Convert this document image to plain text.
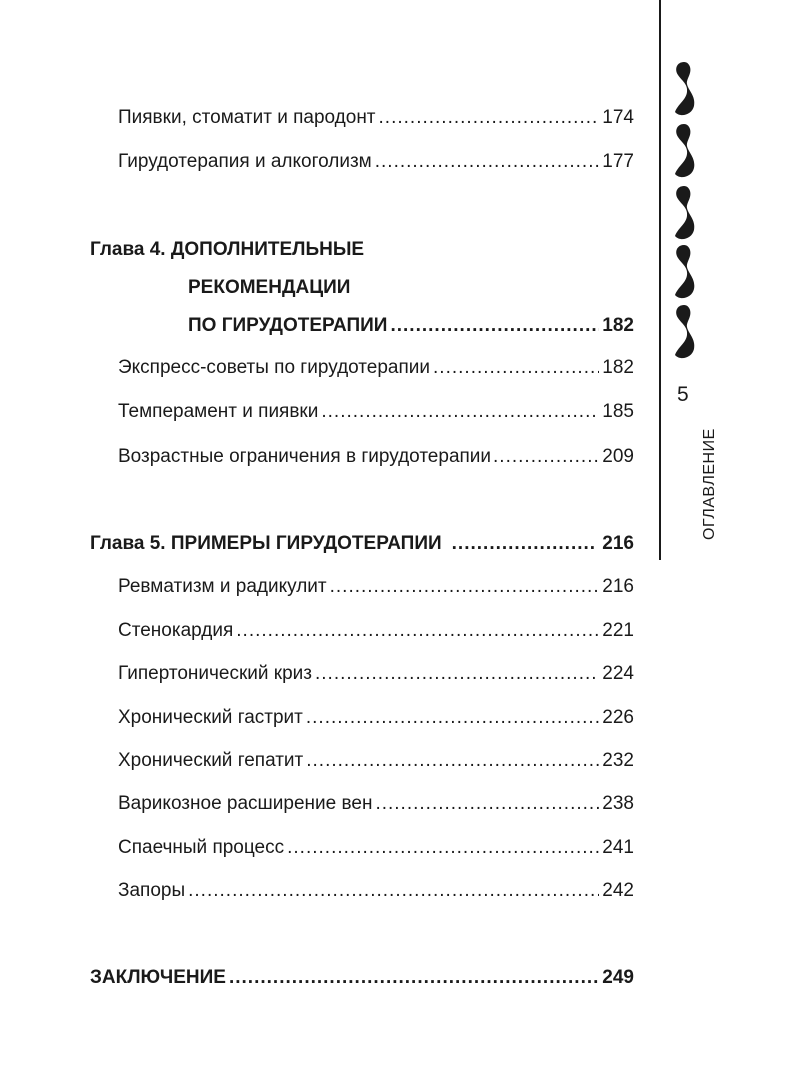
Пиявки, стоматит и пародонт .....	174
Гирудотерапия и алкоголизм .....	177
Глава 4. ДОПОЛНИТЕЛЬНЫЕ
РЕКОМЕНДАЦИИ
ПО ГИРУДОТЕРАПИИ .....	182
Экспресс-советы по гирудотерапии .....	182
Темперамент и пиявки .....	185
Возрастные ограничения в гирудотерапии .....	209
Глава 5. ПРИМЕРЫ ГИРУДОТЕРАПИИ .....	216
Ревматизм и радикулит .....	216
Стенокардия .....	221
Гипертонический криз .....	224
Хронический гастрит .....	226
Хронический гепатит .....	232
Варикозное расширение вен .....	238
Спаечный процесс .....	241
Запоры .....	242
ЗАКЛЮЧЕНИЕ .....	249
5
ОГЛАВЛЕНИЕ
